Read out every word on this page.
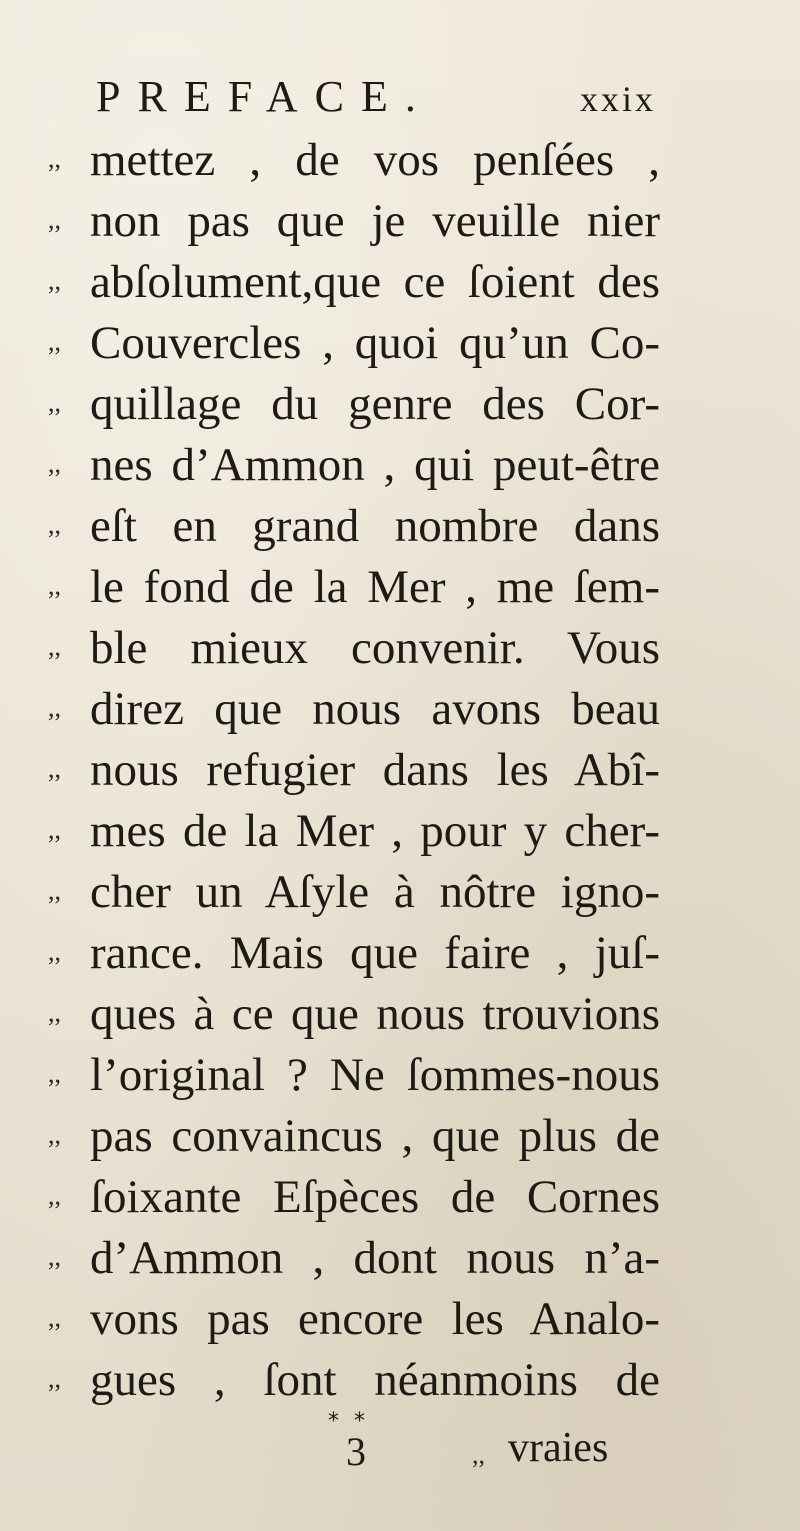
PREFACE.	xxix
,, mettez , de vos penſées ,
,, non pas que je veuille nier
,, abſolument,que ce ſoient des
,, Couvercles , quoi qu’un Co-
,, quillage du genre des Cor-
,, nes d’Ammon , qui peut-être
,, eſt en grand nombre dans
,, le fond de la Mer , me ſem-
,, ble mieux convenir. Vous
,, direz que nous avons beau
,, nous refugier dans les Abî-
,, mes de la Mer , pour y cher-
,, cher un Aſyle à nôtre igno-
,, rance. Mais que faire , juſ-
,, ques à ce que nous trouvions
,, l’original ? Ne ſommes-nous
,, pas convaincus , que plus de
,, ſoixante Eſpèces de Cornes
,, d’Ammon , dont nous n’a-
,, vons pas encore les Analo-
,, gues , ſont néanmoins de
* *
3	,, vraies
